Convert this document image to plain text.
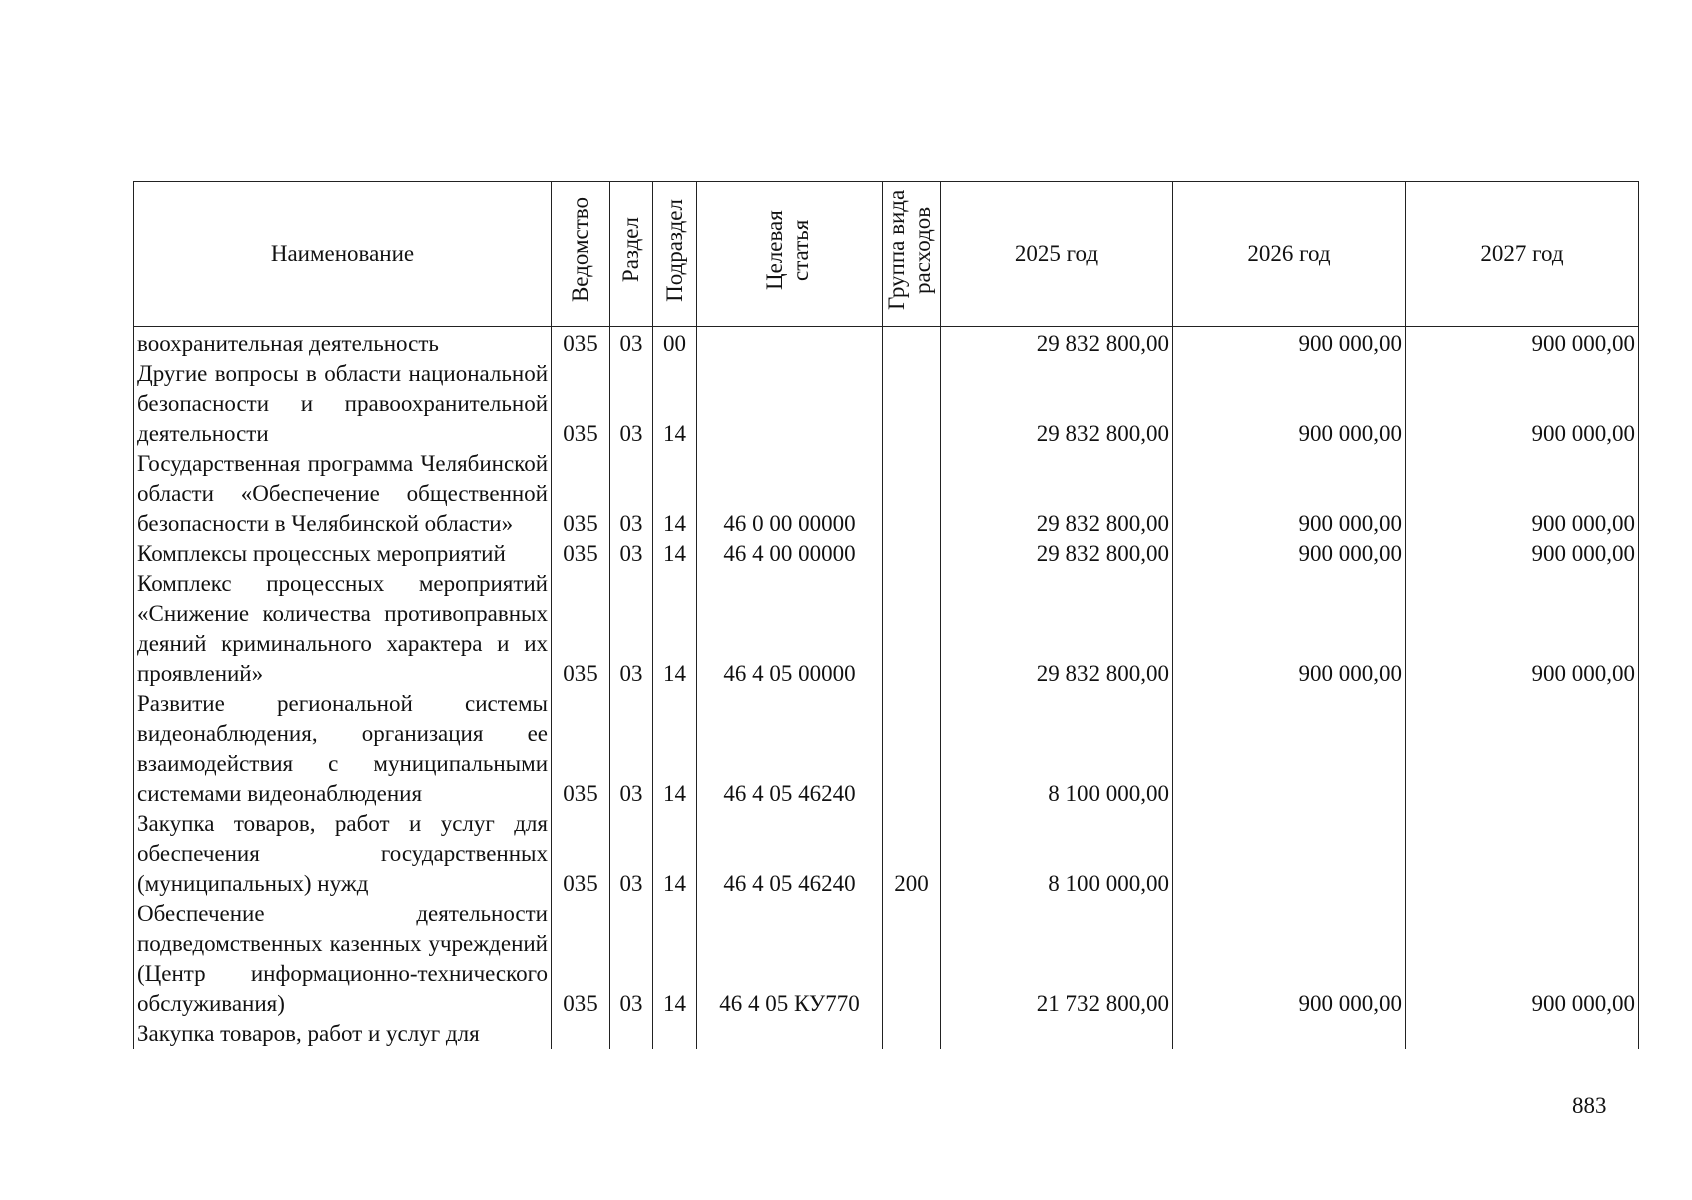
Наименование	Ведомство	Раздел	Подраздел	Целевая статья	Группа вида расходов	2025 год	2026 год	2027 год
воохранительная деятельность	035	03	00			29 832 800,00	900 000,00	900 000,00
Другие вопросы в области национальной безопасности и правоохранительной деятельности	035	03	14			29 832 800,00	900 000,00	900 000,00
Государственная программа Челябинской области «Обеспечение общественной безопасности в Челябинской области»	035	03	14	46 0 00 00000		29 832 800,00	900 000,00	900 000,00
Комплексы процессных мероприятий	035	03	14	46 4 00 00000		29 832 800,00	900 000,00	900 000,00
Комплекс процессных мероприятий «Снижение количества противоправных деяний криминального характера и их проявлений»	035	03	14	46 4 05 00000		29 832 800,00	900 000,00	900 000,00
Развитие региональной системы видеонаблюдения, организация ее взаимодействия с муниципальными системами видеонаблюдения	035	03	14	46 4 05 46240		8 100 000,00		
Закупка товаров, работ и услуг для обеспечения государственных (муниципальных) нужд	035	03	14	46 4 05 46240	200	8 100 000,00		
Обеспечение деятельности подведомственных казенных учреждений (Центр информационно-технического обслуживания)	035	03	14	46 4 05 КУ770		21 732 800,00	900 000,00	900 000,00
Закупка товаров, работ и услуг для								
883
